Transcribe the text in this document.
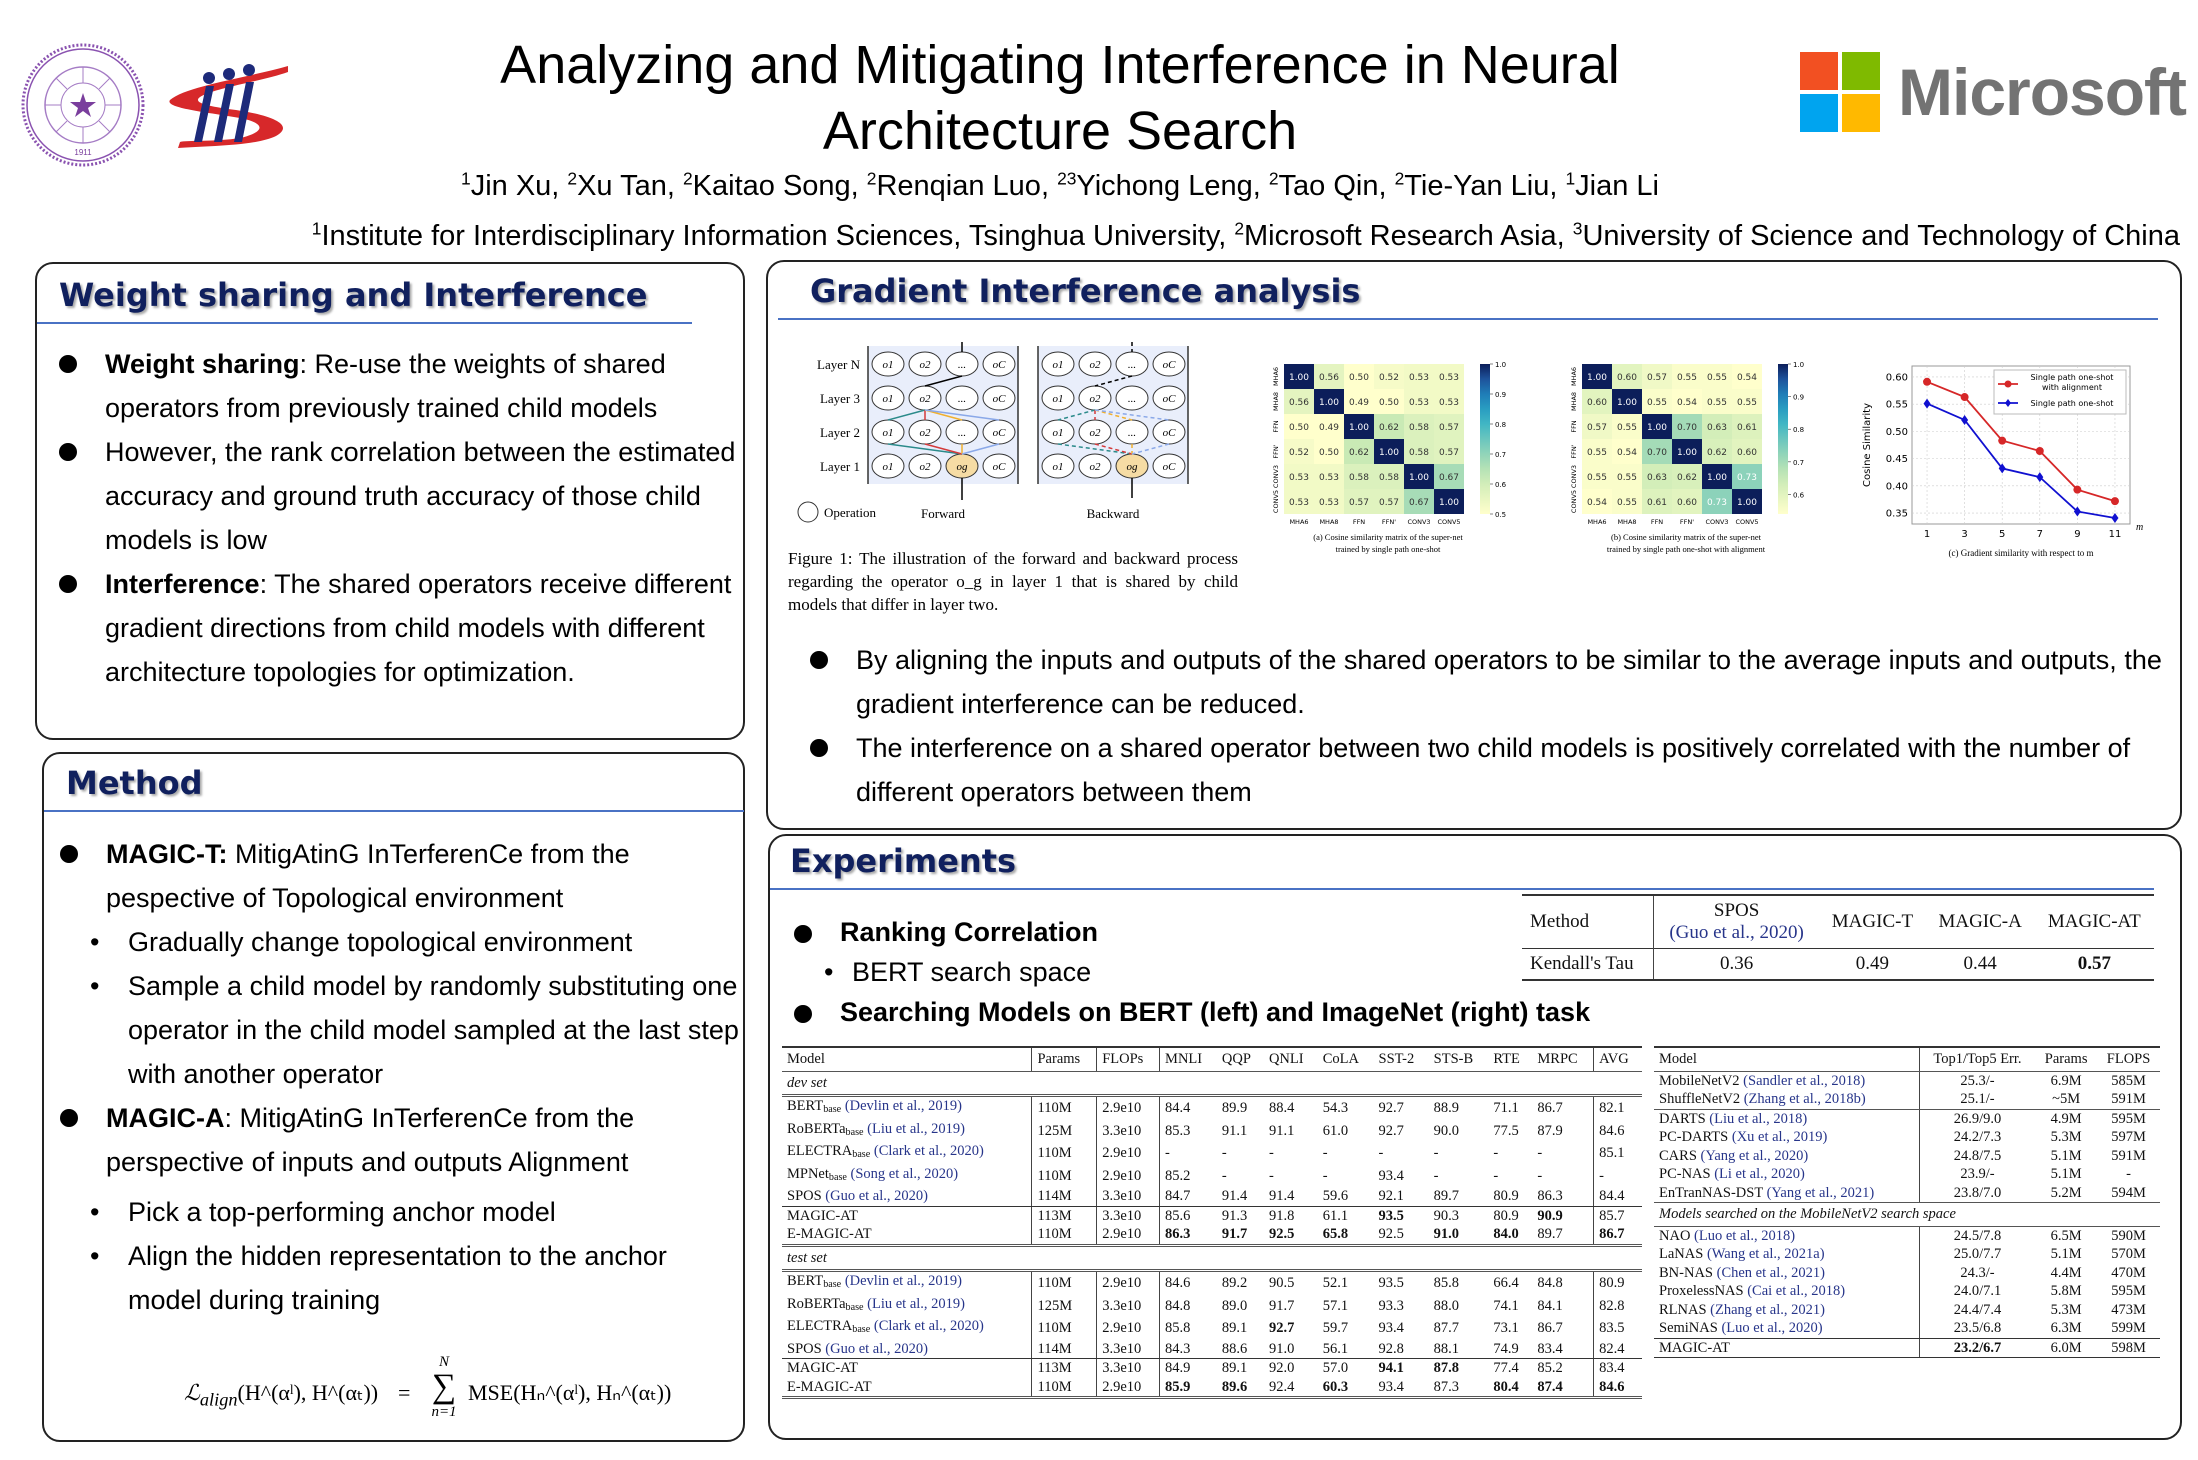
1911
Analyzing and Mitigating Interference in Neural
Architecture Search
$^1$Jin Xu, $^2$Xu Tan, $^2$Kaitao Song, $^2$Renqian Luo, $^{23}$Yichong Leng, $^2$Tao Qin, $^2$Tie-Yan Liu, $^1$Jian Li
$^1$Institute for Interdisciplinary Information Sciences, Tsinghua University, $^2$Microsoft Research Asia, $^3$University of Science and Technology of China
Microsoft
Weight sharing and Interference
Weight sharing: Re-use the weights of shared operators from previously trained child models
However, the rank correlation between the estimated accuracy and ground truth accuracy of those child models is low
Interference: The shared operators receive different gradient directions from child models with different architecture topologies for optimization.
Method
MAGIC-T: MitigAtinG InTerferenCe from the pespective of Topological environment
• Gradually change topological environment
• Sample a child model by randomly substituting one operator in the child model sampled at the last step with another operator
MAGIC-A: MitigAtinG InTerferenCe from the perspective of inputs and outputs Alignment
• Pick a top-performing anchor model
• Align the hidden representation to the anchor model during training
ℒ$_{align}$(H^(αˡ), H^(αₜ)) =
N
∑
n=1
MSE(Hₙ^(αˡ), Hₙ^(αₜ))
Gradient Interference analysis
Layer N
Layer 3
Layer 2
Layer 1
o1 o2 ... oC
o1 o2 ... oC
o1 o2 ... oC
o1 o2 og oC
Forward
o1 o2 ... oC
o1 o2 ... oC
o1 o2 ... oC
o1 o2 og oC
Backward
Operation
Figure 1: The illustration of the forward and backward process regarding the operator o_g in layer 1 that is shared by child models that differ in layer two.
1.00 0.56 0.50 0.52 0.53 0.53
0.56 1.00 0.49 0.50 0.53 0.53
0.50 0.49 1.00 0.62 0.58 0.57
0.52 0.50 0.62 1.00 0.58 0.57
0.53 0.53 0.58 0.58 1.00 0.67
0.53 0.53 0.57 0.57 0.67 1.00
MHA6
MHA6
MHA8
MHA8
FFN
FFN
FFN'
FFN'
CONV3
CONV3
CONV5
CONV5
1.0
0.9
0.8
0.7
0.6
0.5
(a) Cosine similarity matrix of the super-net
trained by single path one-shot
1.00 0.60 0.57 0.55 0.55 0.54
0.60 1.00 0.55 0.54 0.55 0.55
0.57 0.55 1.00 0.70 0.63 0.61
0.55 0.54 0.70 1.00 0.62 0.60
0.55 0.55 0.63 0.62 1.00 0.73
0.54 0.55 0.61 0.60 0.73 1.00
MHA6
MHA6
MHA8
MHA8
FFN
FFN
FFN'
FFN'
CONV3
CONV3
CONV5
CONV5
1.0
0.9
0.8
0.7
0.6
(b) Cosine similarity matrix of the super-net
trained by single path one-shot with alignment
1	3	5	7	9	11
0.60
0.55
0.50
0.45
0.40
0.35
m
Cosine Similarity
Single path one-shot
with alignment
Single path one-shot
(c) Gradient similarity with respect to m
By aligning the inputs and outputs of the shared operators to be similar to the average inputs and outputs, the gradient interference can be reduced.
The interference on a shared operator between two child models is positively correlated with the number of different operators between them
Experiments
Ranking Correlation
• BERT search space
Searching Models on BERT (left) and ImageNet (right) task
Method	SPOS
(Guo et al., 2020)	MAGIC-T	MAGIC-A	MAGIC-AT
Kendall's Tau	0.36	0.49	0.44	0.57
Model	Params	FLOPs	MNLI	QQP	QNLI	CoLA	SST-2	STS-B	RTE	MRPC	AVG
dev set											
BERTbase (Devlin et al., 2019)	110M	2.9e10	84.4	89.9	88.4	54.3	92.7	88.9	71.1	86.7	82.1
RoBERTabase (Liu et al., 2019)	125M	3.3e10	85.3	91.1	91.1	61.0	92.7	90.0	77.5	87.9	84.6
ELECTRAbase (Clark et al., 2020)	110M	2.9e10	-	-	-	-	-	-	-	-	85.1
MPNetbase (Song et al., 2020)	110M	2.9e10	85.2	-	-	-	93.4	-	-	-	-
SPOS (Guo et al., 2020)	114M	3.3e10	84.7	91.4	91.4	59.6	92.1	89.7	80.9	86.3	84.4
MAGIC-AT	113M	3.3e10	85.6	91.3	91.8	61.1	93.5	90.3	80.9	90.9	85.7
E-MAGIC-AT	110M	2.9e10	86.3	91.7	92.5	65.8	92.5	91.0	84.0	89.7	86.7
test set											
BERTbase (Devlin et al., 2019)	110M	2.9e10	84.6	89.2	90.5	52.1	93.5	85.8	66.4	84.8	80.9
RoBERTabase (Liu et al., 2019)	125M	3.3e10	84.8	89.0	91.7	57.1	93.3	88.0	74.1	84.1	82.8
ELECTRAbase (Clark et al., 2020)	110M	2.9e10	85.8	89.1	92.7	59.7	93.4	87.7	73.1	86.7	83.5
SPOS (Guo et al., 2020)	114M	3.3e10	84.3	88.6	91.0	56.1	92.8	88.1	74.9	83.4	82.4
MAGIC-AT	113M	3.3e10	84.9	89.1	92.0	57.0	94.1	87.8	77.4	85.2	83.4
E-MAGIC-AT	110M	2.9e10	85.9	89.6	92.4	60.3	93.4	87.3	80.4	87.4	84.6
Model	Top1/Top5 Err.	Params	FLOPS
MobileNetV2 (Sandler et al., 2018)	25.3/-	6.9M	585M
ShuffleNetV2 (Zhang et al., 2018b)	25.1/-	~5M	591M
DARTS (Liu et al., 2018)	26.9/9.0	4.9M	595M
PC-DARTS (Xu et al., 2019)	24.2/7.3	5.3M	597M
CARS (Yang et al., 2020)	24.8/7.5	5.1M	591M
PC-NAS (Li et al., 2020)	23.9/-	5.1M	-
EnTranNAS-DST (Yang et al., 2021)	23.8/7.0	5.2M	594M
Models searched on the MobileNetV2 search space			
NAO (Luo et al., 2018)	24.5/7.8	6.5M	590M
LaNAS (Wang et al., 2021a)	25.0/7.7	5.1M	570M
BN-NAS (Chen et al., 2021)	24.3/-	4.4M	470M
ProxelessNAS (Cai et al., 2018)	24.0/7.1	5.8M	595M
RLNAS (Zhang et al., 2021)	24.4/7.4	5.3M	473M
SemiNAS (Luo et al., 2020)	23.5/6.8	6.3M	599M
MAGIC-AT	23.2/6.7	6.0M	598M
